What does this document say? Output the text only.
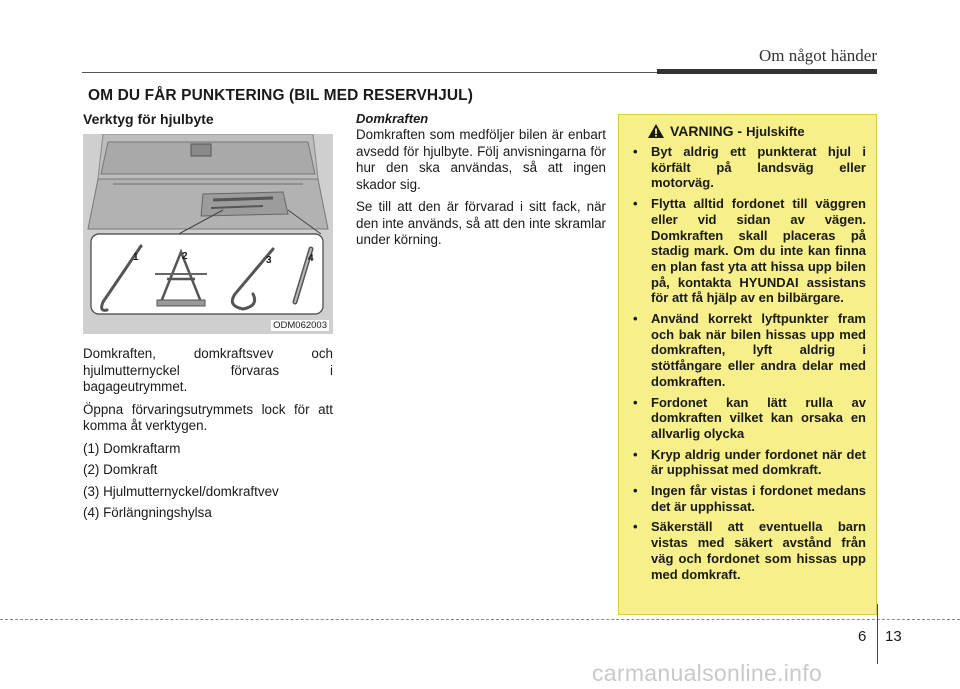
Om något händer
OM DU FÅR PUNKTERING (BIL MED RESERVHJUL)
Verktyg för hjulbyte
1	2	3	4
ODM062003

Domkraften, domkraftsvev och hjulmutternyckel förvaras i bagageutrymmet.

Öppna förvaringsutrymmets lock för att komma åt verktygen.

(1) Domkraftarm
(2) Domkraft
(3) Hjulmutternyckel/domkraftvev
(4) Förlängningshylsa
Domkraften

Domkraften som medföljer bilen är enbart avsedd för hjulbyte. Följ anvisningarna för hur den ska användas, så att ingen skador sig.

Se till att den är förvarad i sitt fack, när den inte används, så att den inte skramlar under körning.

VARNING - Hjulskifte
• Byt aldrig ett punkterat hjul i körfält på landsväg eller motorväg.
• Flytta alltid fordonet till väggren eller vid sidan av vägen. Domkraften skall placeras på stadig mark. Om du inte kan finna en plan fast yta att hissa upp bilen på, kontakta HYUNDAI assistans för att få hjälp av en bilbärgare.
• Använd korrekt lyftpunkter fram och bak när bilen hissas upp med domkraften, lyft aldrig i stötfångare eller andra delar med domkraften.
• Fordonet kan lätt rulla av domkraften vilket kan orsaka en allvarlig olycka
• Kryp aldrig under fordonet när det är upphissat med domkraft.
• Ingen får vistas i fordonet medans det är upphissat.
• Säkerställ att eventuella barn vistas med säkert avstånd från väg och fordonet som hissas upp med domkraft.
6 13
carmanualsonline.info
